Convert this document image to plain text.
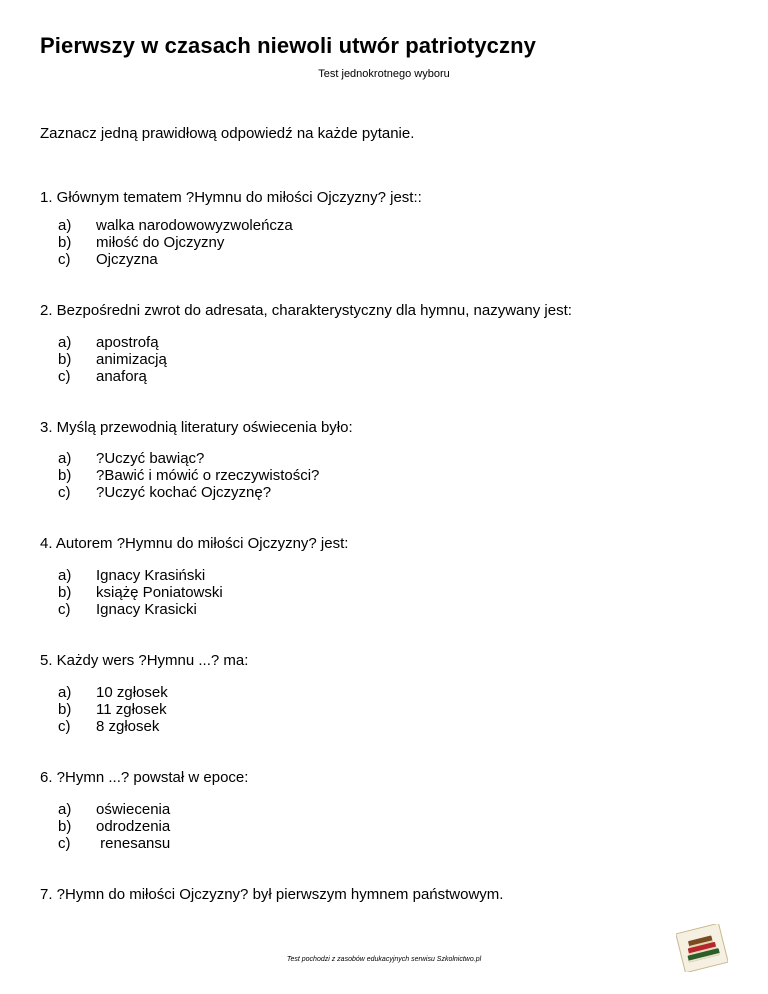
Pierwszy w czasach niewoli utwór patriotyczny
Test jednokrotnego wyboru
Zaznacz jedną prawidłową odpowiedź na każde pytanie.
1. Głównym tematem ?Hymnu do miłości Ojczyzny? jest::
a) walka narodowowyzwoleńcza
b) miłość do Ojczyzny
c) Ojczyzna
2. Bezpośredni zwrot do adresata, charakterystyczny dla hymnu, nazywany jest:
a) apostrofą
b) animizacją
c) anaforą
3. Myślą przewodnią literatury oświecenia było:
a) ?Uczyć bawiąc?
b) ?Bawić i mówić o rzeczywistości?
c) ?Uczyć kochać Ojczyznę?
4. Autorem ?Hymnu do miłości Ojczyzny? jest:
a) Ignacy Krasiński
b) książę Poniatowski
c) Ignacy Krasicki
5. Każdy wers ?Hymnu ...? ma:
a) 10 zgłosek
b) 11 zgłosek
c) 8 zgłosek
6. ?Hymn ...? powstał w epoce:
a) oświecenia
b) odrodzenia
c) renesansu
7. ?Hymn do miłości Ojczyzny? był pierwszym hymnem państwowym.
Test pochodzi z zasobów edukacyjnych serwisu Szkolnictwo.pl
